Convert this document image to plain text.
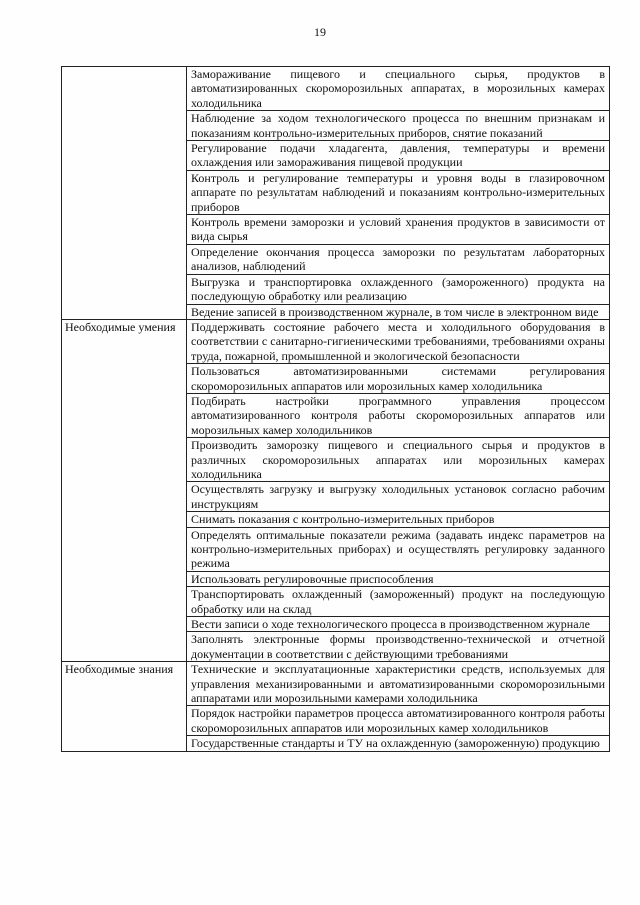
19
	Замораживание пищевого и специального сырья, продуктов в автоматизированных скороморозильных аппаратах, в морозильных камерах холодильника
	Наблюдение за ходом технологического процесса по внешним признакам и показаниям контрольно-измерительных приборов, снятие показаний
	Регулирование подачи хладагента, давления, температуры и времени охлаждения или замораживания пищевой продукции
	Контроль и регулирование температуры и уровня воды в глазировочном аппарате по результатам наблюдений и показаниям контрольно-измерительных приборов
	Контроль времени заморозки и условий хранения продуктов в зависимости от вида сырья
	Определение окончания процесса заморозки по результатам лабораторных анализов, наблюдений
	Выгрузка и транспортировка охлажденного (замороженного) продукта на последующую обработку или реализацию
	Ведение записей в производственном журнале, в том числе в электронном виде
Необходимые умения	Поддерживать состояние рабочего места и холодильного оборудования в соответствии с санитарно-гигиеническими требованиями, требованиями охраны труда, пожарной, промышленной и экологической безопасности
	Пользоваться автоматизированными системами регулирования скороморозильных аппаратов или морозильных камер холодильника
	Подбирать настройки программного управления процессом автоматизированного контроля работы скороморозильных аппаратов или морозильных камер холодильников
	Производить заморозку пищевого и специального сырья и продуктов в различных скороморозильных аппаратах или морозильных камерах холодильника
	Осуществлять загрузку и выгрузку холодильных установок согласно рабочим инструкциям
	Снимать показания с контрольно-измерительных приборов
	Определять оптимальные показатели режима (задавать индекс параметров на контрольно-измерительных приборах) и осуществлять регулировку заданного режима
	Использовать регулировочные приспособления
	Транспортировать охлажденный (замороженный) продукт на последующую обработку или на склад
	Вести записи о ходе технологического процесса в производственном журнале
	Заполнять электронные формы производственно-технической и отчетной документации в соответствии с действующими требованиями
Необходимые знания	Технические и эксплуатационные характеристики средств, используемых для управления механизированными и автоматизированными скороморозильными аппаратами или морозильными камерами холодильника
	Порядок настройки параметров процесса автоматизированного контроля работы скороморозильных аппаратов или морозильных камер холодильников
	Государственные стандарты и ТУ на охлажденную (замороженную) продукцию
